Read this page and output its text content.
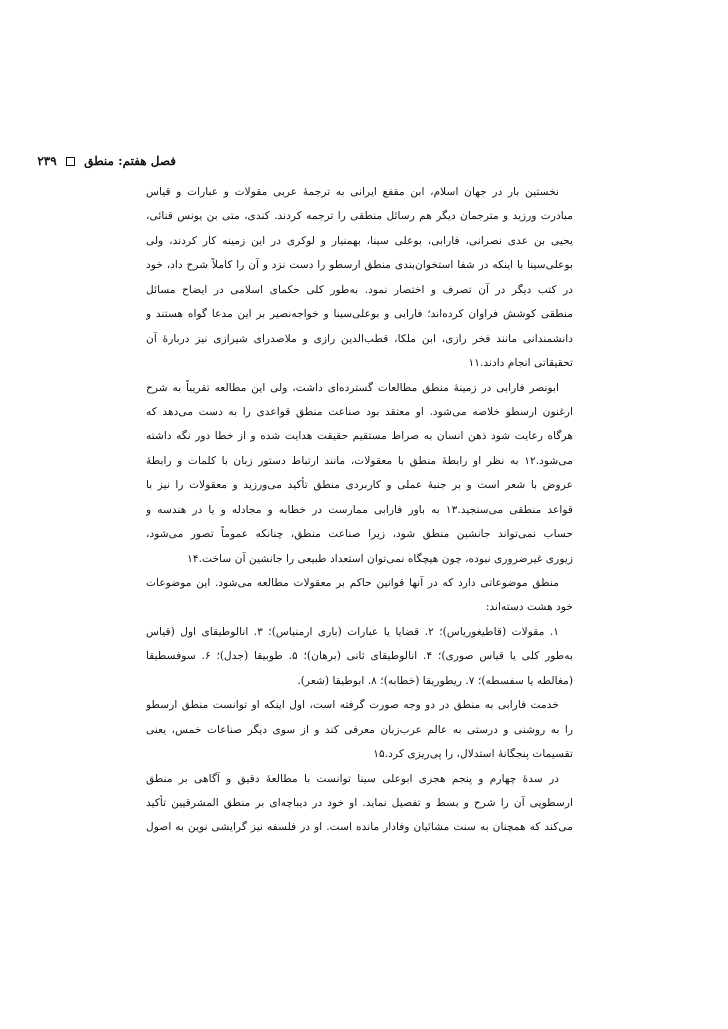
فصل هفتم: منطق  ۲۳۹
نخستین بار در جهان اسلام، ابن مقفع ایرانی به ترجمهٔ عربی مقولات و عبارات و قیاس
مبادرت ورزید و مترجمان دیگر هم رسائل منطقی را ترجمه کردند. کندی، متی بن یونس قنائی،
یحیی بن عدی نصرانی، فارابی، بوعلی سینا، بهمنیار و لوکری در این زمینه کار کردند، ولی
بوعلی‌سینا با اینکه در شفا استخوان‌بندی منطق ارسطو را دست نزد و آن را کاملاً شرح داد، خود
در کتب دیگر در آن تصرف و اختصار نمود. به‌طور کلی حکمای اسلامی در ایضاح مسائل
منطقی کوشش فراوان کرده‌اند؛ فارابی و بوعلی‌سینا و خواجه‌نصیر بر این مدعا گواه هستند و
دانشمندانی مانند فخر رازی، ابن ملکا، قطب‌الدین رازی و ملاصدرای شیرازی نیز دربارهٔ آن
تحقیقاتی انجام دادند.۱۱
ابونصر فارابی در زمینهٔ منطق مطالعات گسترده‌ای داشت، ولی این مطالعه تقریباً به شرح
ارغنون ارسطو خلاصه می‌شود. او معتقد بود صناعت منطق قواعدی را به دست می‌دهد که
هرگاه رعایت شود ذهن انسان به صراط مستقیم حقیقت هدایت شده و از خطا دور نگه داشته
می‌شود.۱۲ به نظر او رابطهٔ منطق با معقولات، مانند ارتباط دستور زبان با کلمات و رابطهٔ
عروض با شعر است و بر جنبهٔ عملی و کاربردی منطق تأکید می‌ورزید و معقولات را نیز با
قواعد منطقی می‌سنجید.۱۳ به باور فارابی ممارست در خطابه و مجادله و یا در هندسه و
حساب نمی‌تواند جانشین منطق شود، زیرا صناعت منطق، چنانکه عموماً تصور می‌شود،
زیوری غیرضروری نبوده، چون هیچگاه نمی‌توان استعداد طبیعی را جانشین آن ساخت.۱۴
منطق موضوعاتی دارد که در آنها قوانین حاکم بر معقولات مطالعه می‌شود. این موضوعات
خود هشت دسته‌اند:
۱. مقولات (قاطیغوریاس)؛ ۲. قضایا یا عبارات (باری ارمنیاس)؛ ۳. انالوطیقای اول (قیاس
به‌طور کلی یا قیاس صوری)؛ ۴. انالوطیقای ثانی (برهان)؛ ۵. طوبیقا (جدل)؛ ۶. سوفسطیقا
(مغالطه یا سفسطه)؛ ۷. ریطوریقا (خطابه)؛ ۸. ابوطیقا (شعر).
خدمت فارابی به منطق در دو وجه صورت گرفته است، اول اینکه او توانست منطق ارسطو
را به روشنی و درستی به عالم عرب‌زبان معرفی کند و از سوی دیگر صناعات خمس، یعنی
تقسیمات پنجگانهٔ استدلال، را پی‌ریزی کرد.۱۵
در سدهٔ چهارم و پنجم هجری ابوعلی سینا توانست با مطالعهٔ دقیق و آگاهی بر منطق
ارسطویی آن را شرح و بسط و تفصیل نماید. او خود در دیباچه‌ای بر منطق المشرقیین تأکید
می‌کند که همچنان به سنت مشائیان وفادار مانده است. او در فلسفه نیز گرایشی نوین به اصول
